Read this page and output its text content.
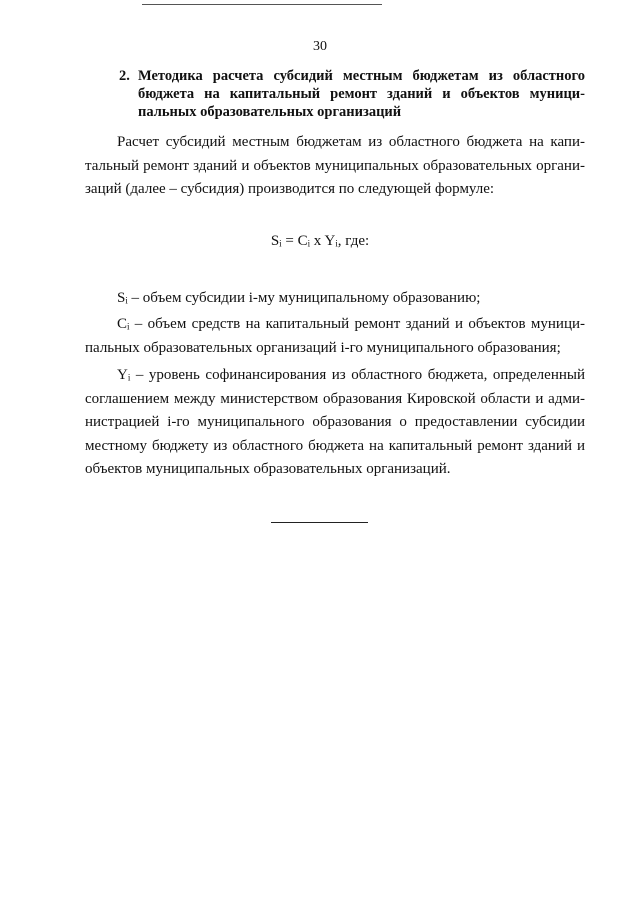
30
2. Методика расчета субсидий местным бюджетам из областного
бюджета на капитальный ремонт зданий и объектов муници-
пальных образовательных организаций
Расчет субсидий местным бюджетам из областного бюджета на капи-
тальный ремонт зданий и объектов муниципальных образовательных органи-
заций (далее – субсидия) производится по следующей формуле:
Sᵢ = Cᵢ x Yᵢ, где:
Sᵢ – объем субсидии i-му муниципальному образованию;
Cᵢ – объем средств на капитальный ремонт зданий и объектов муници-
пальных образовательных организаций i-го муниципального образования;
Yᵢ – уровень софинансирования из областного бюджета, определенный
соглашением между министерством образования Кировской области и адми-
нистрацией i-го муниципального образования о предоставлении субсидии
местному бюджету из областного бюджета на капитальный ремонт зданий и
объектов муниципальных образовательных организаций.
